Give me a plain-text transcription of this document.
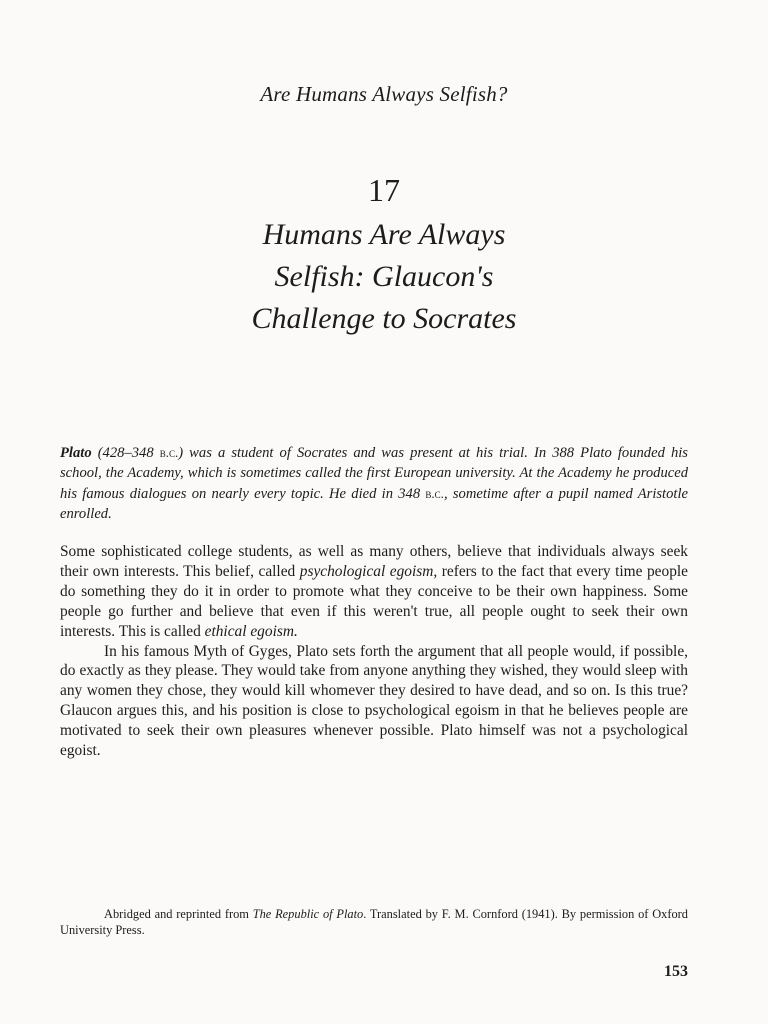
Are Humans Always Selfish?
17
Humans Are Always
Selfish: Glaucon's
Challenge to Socrates
Plato (428–348 b.c.) was a student of Socrates and was present at his trial. In 388 Plato founded his school, the Academy, which is sometimes called the first European university. At the Academy he produced his famous dialogues on nearly every topic. He died in 348 b.c., sometime after a pupil named Aristotle enrolled.

Some sophisticated college students, as well as many others, believe that individuals always seek their own interests. This belief, called psychological egoism, refers to the fact that every time people do something they do it in order to promote what they conceive to be their own happiness. Some people go further and believe that even if this weren't true, all people ought to seek their own interests. This is called ethical egoism.

In his famous Myth of Gyges, Plato sets forth the argument that all people would, if possible, do exactly as they please. They would take from anyone anything they wished, they would sleep with any women they chose, they would kill whomever they desired to have dead, and so on. Is this true? Glaucon argues this, and his position is close to psychological egoism in that he believes people are motivated to seek their own pleasures whenever possible. Plato himself was not a psychological egoist.

Abridged and reprinted from The Republic of Plato. Translated by F. M. Cornford (1941). By permission of Oxford University Press.
153
